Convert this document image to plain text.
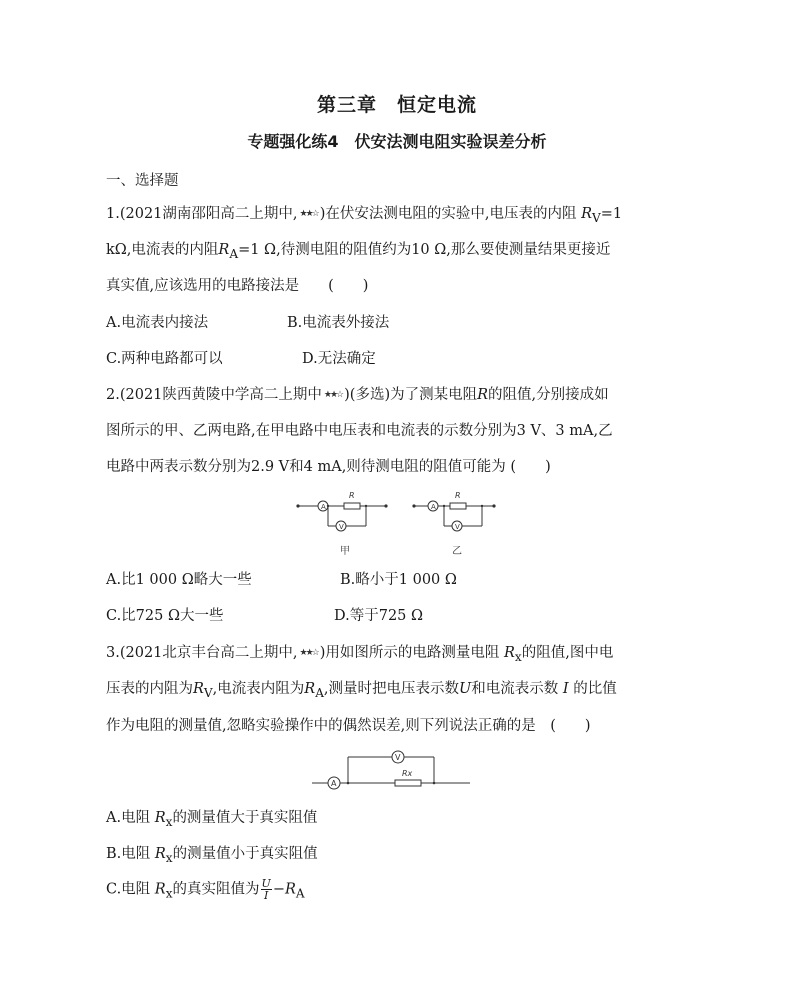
第三章　恒定电流
专题强化练4　伏安法测电阻实验误差分析
一、选择题
1.(2021湖南邵阳高二上期中, ★★☆ )在伏安法测电阻的实验中,电压表的内阻 $R_V=1$
kΩ,电流表的内阻$R_A=1$ Ω,待测电阻的阻值约为10 Ω,那么要使测量结果更接近
真实值,应该选用的电路接法是　　(　　)
A.电流表内接法	B.电流表外接法
C.两种电路都可以	D.无法确定
2.(2021陕西黄陵中学高二上期中 ★★☆ )(多选)为了测某电阻R的阻值,分别接成如
图所示的甲、乙两电路,在甲电路中电压表和电流表的示数分别为3 V、3 mA,乙
电路中两表示数分别为2.9 V和4 mA,则待测电阻的阻值可能为 (　　)
A
V
R
甲
A
V
R
乙
A.比1 000 Ω略大一些	B.略小于1 000 Ω
C.比725 Ω大一些	D.等于725 Ω
3.(2021北京丰台高二上期中, ★★☆ )用如图所示的电路测量电阻 $R_x$的阻值,图中电
压表的内阻为$R_V$,电流表内阻为$R_A$,测量时把电压表示数U和电流表示数 I 的比值
作为电阻的测量值,忽略实验操作中的偶然误差,则下列说法正确的是　(　　)
A
V
Rx
A.电阻 $R_x$的测量值大于真实阻值
B.电阻 $R_x$的测量值小于真实阻值
C.电阻 $R_x$的真实阻值为 $\frac{U}{I} -R_A$
